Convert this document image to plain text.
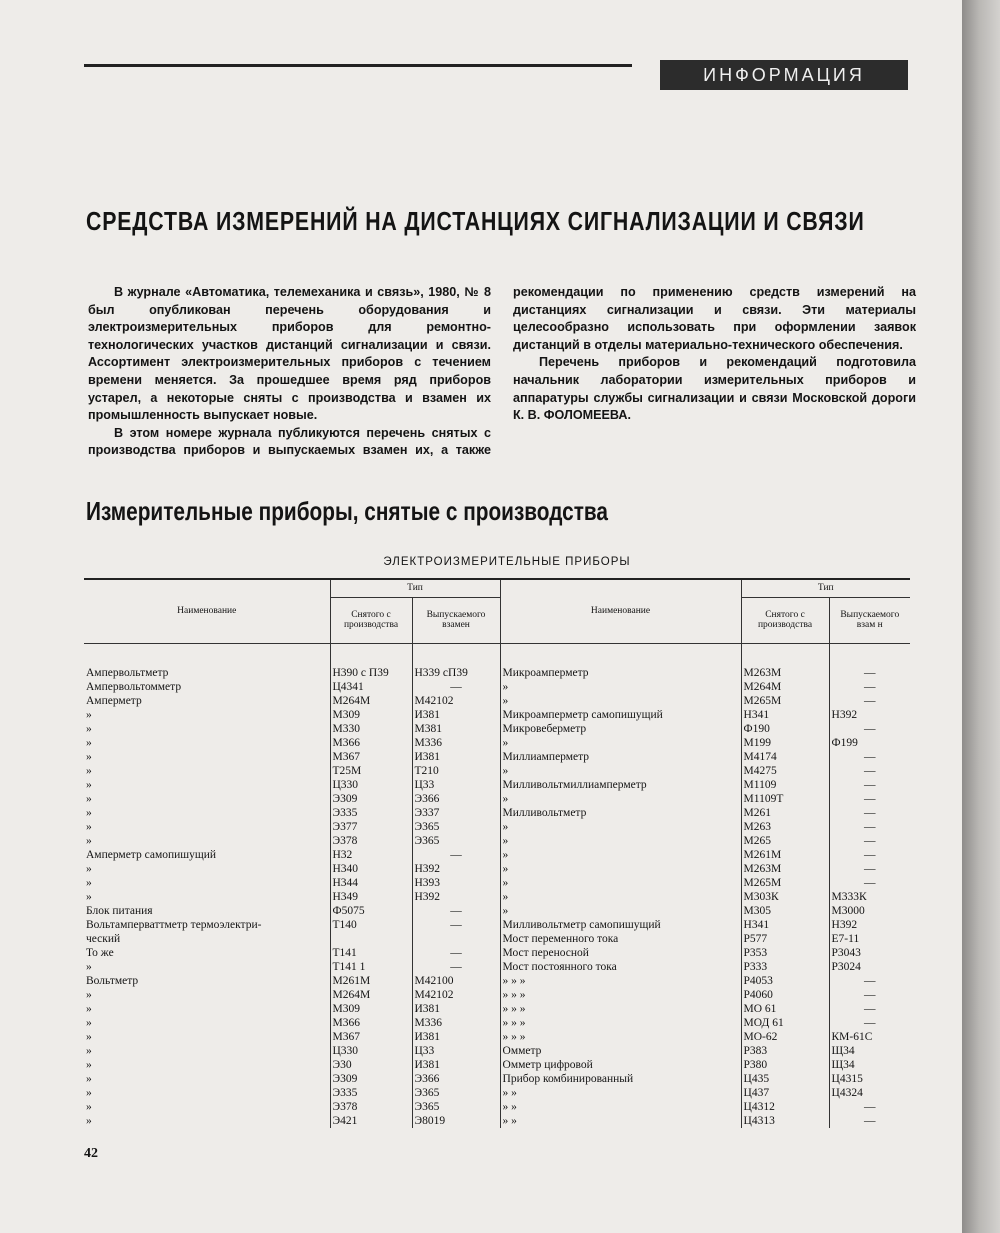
ИНФОРМАЦИЯ
СРЕДСТВА ИЗМЕРЕНИЙ НА ДИСТАНЦИЯХ СИГНАЛИЗАЦИИ И СВЯЗИ

В журнале «Автоматика, телемеханика и связь», 1980, № 8 был опубликован перечень оборудования и электроизмерительных приборов для ремонтно-технологических участков дистанций сигнализации и связи. Ассортимент электроизмерительных приборов с течением времени меняется. За прошедшее время ряд приборов устарел, а некоторые сняты с производства и взамен их промышленность выпускает новые.

В этом номере журнала публикуются перечень снятых с производства приборов и выпускаемых взамен их, а также рекомендации по применению средств измерений на дистанциях сигнализации и связи. Эти материалы целесообразно использовать при оформлении заявок дистанций в отделы материально-технического обеспечения.

Перечень приборов и рекомендаций подготовила начальник лаборатории измерительных приборов и аппаратуры службы сигнализации и связи Московской дороги К. В. ФОЛОМЕЕВА.

Измерительные приборы, снятые с производства
ЭЛЕКТРОИЗМЕРИТЕЛЬНЫЕ ПРИБОРЫ
Наименование	Тип		Наименование	Тип	
	Снятого с производства	Выпускаемого взамен		Снятого с производства	Выпускаемого взам н
Ампервольтметр	Н390 с П39	Н339 сП39	Микроамперметр	М263М	—
Ампервольтомметр	Ц4341	—	»	М264М	—
Амперметр	М264М	М42102	»	М265М	—
»	М309	И381	Микроамперметр самопишущий	Н341	Н392
»	М330	М381	Микровеберметр	Ф190	—
»	М366	М336	»	М199	Ф199
»	М367	И381	Миллиамперметр	М4174	—
»	Т25М	Т210	»	М4275	—
»	Ц330	Ц33	Милливольтмиллиамперметр	М1109	—
»	Э309	Э366	»	М1109Т	—
»	Э335	Э337	Милливольтметр	М261	—
»	Э377	Э365	»	М263	—
»	Э378	Э365	»	М265	—
Амперметр самопишущий	Н32	—	»	М261М	—
»	Н340	Н392	»	М263М	—
»	Н344	Н393	»	М265М	—
»	Н349	Н392	»	М303К	М333К
Блок питания	Ф5075	—	»	М305	М3000
Вольтамперваттметр термоэлектри-	Т140	—	Милливольтметр самопишущий	Н341	Н392
ческий			Мост переменного тока	Р577	Е7-11
То же	Т141	—	Мост переносной	Р353	Р3043
»	Т141 1	—	Мост постоянного тока	Р333	Р3024
Вольтметр	М261М	М42100	» » »	Р4053	—
»	М264М	М42102	» » »	Р4060	—
»	М309	И381	» » »	МО 61	—
»	М366	М336	» » »	МОД 61	—
»	М367	И381	» » »	МО-62	КМ-61С
»	Ц330	Ц33	Омметр	Р383	Щ34
»	Э30	И381	Омметр цифровой	Р380	Щ34
»	Э309	Э366	Прибор комбинированный	Ц435	Ц4315
»	Э335	Э365	» »	Ц437	Ц4324
»	Э378	Э365	» »	Ц4312	—
»	Э421	Э8019	» »	Ц4313	—
42
